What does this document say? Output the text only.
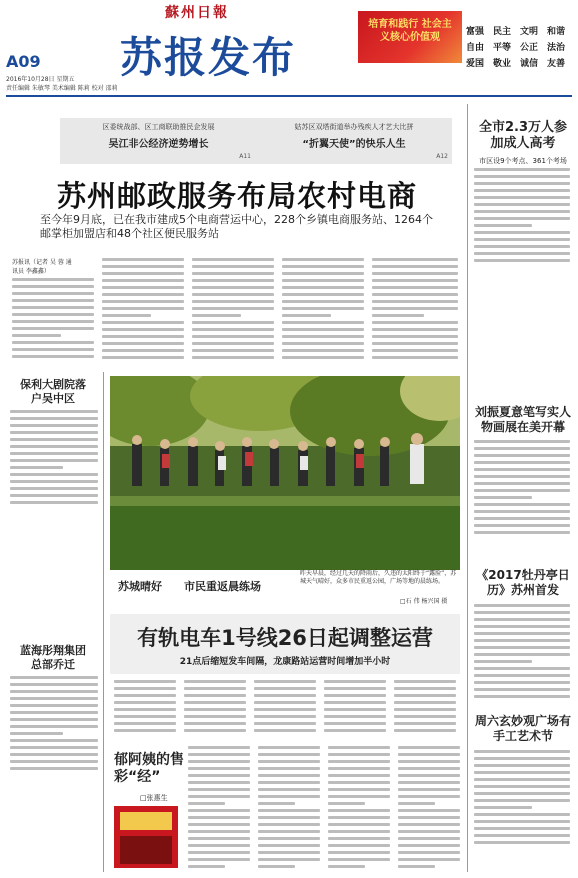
蘇州日報
A09 苏报发布
2016年10月28日 星期五
责任编辑 朱敏琴 美术编辑 陈莉 校对 邵莉
培育和践行 社会主义核心价值观	富强 民主 文明 和谐
自由 平等 公正 法治
爱国 敬业 诚信 友善
区委统战部、区工商联助推民企发展
吴江非公经济逆势增长
A11
姑苏区双塔街道举办残疾人才艺大比拼
“折翼天使”的快乐人生
A12
苏州邮政服务布局农村电商
至今年9月底，已在我市建成5个电商营运中心，228个乡镇电商服务站、1264个邮掌柜加盟店和48个社区便民服务站
苏报讯（记者 吴 蓉 通讯员 李鑫鑫）
全市2.3万人参加成人高考
市区设9个考点、361个考场
刘振夏意笔写实人物画展在美开幕
《2017牡丹亭日历》苏州首发
周六玄妙观广场有手工艺术节
保利大剧院落户吴中区
蓝海彤翔集团总部乔迁
苏城晴好 市民重返晨练场
昨天早晨，经过几天的降雨后，久违的太阳终于“露脸”，苏城天气晴好，众多市民重返公园，广场等地的晨练场。
□石 伟 杨兴国 摄
有轨电车1号线26日起调整运营
21点后缩短发车间隔，龙康路站运营时间增加半小时
郁阿姨的售彩“经”
□张惠生
